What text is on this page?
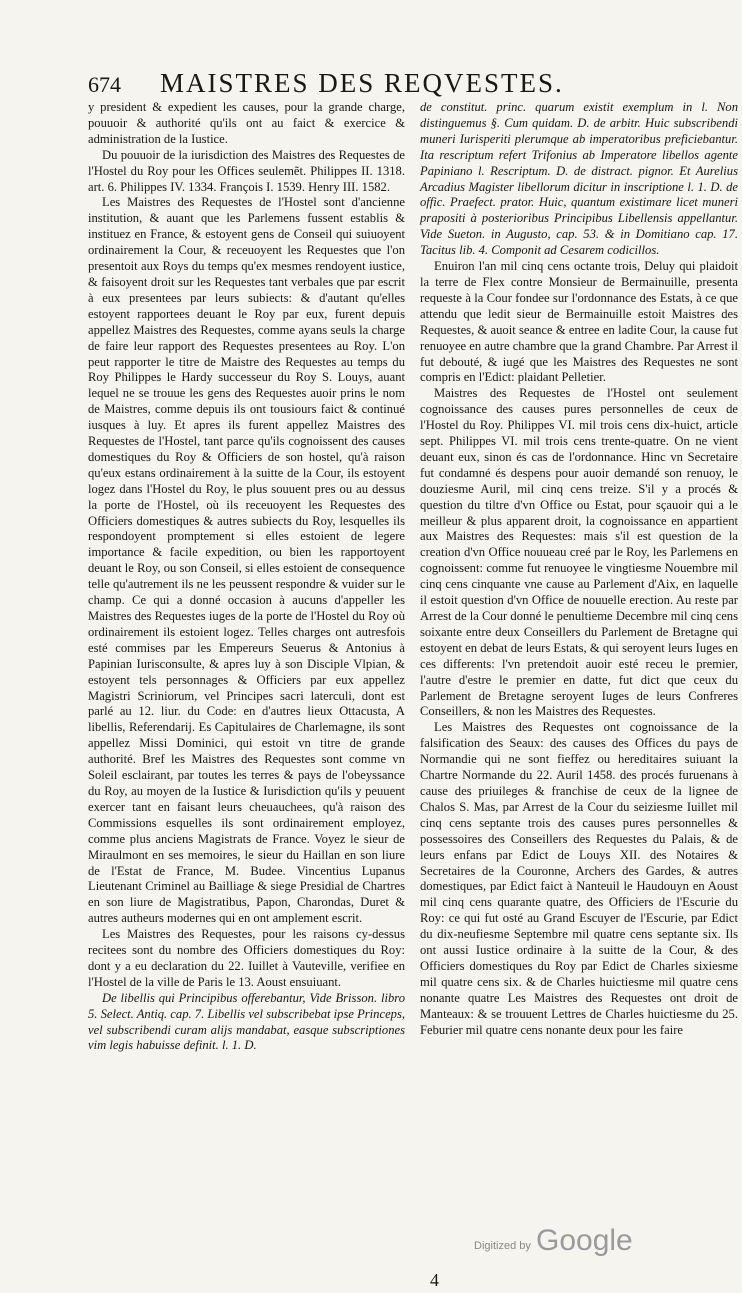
674 MAISTRES DES REQVESTES.

y president & expedient les causes, pour la grande charge, pouuoir & authorité qu'ils ont au faict & exercice & administration de la Iustice.

Du pouuoir de la iurisdiction des Maistres des Requestes de l'Hostel du Roy pour les Offices seulemẽt. Philippes II. 1318. art. 6. Philippes IV. 1334. François I. 1539. Henry III. 1582.

Les Maistres des Requestes de l'Hostel sont d'ancienne institution, & auant que les Parlemens fussent establis & instituez en France, & estoyent gens de Conseil qui suiuoyent ordinairement la Cour, & receuoyent les Requestes que l'on presentoit aux Roys du temps qu'ex mesmes rendoyent iustice, & faisoyent droit sur les Requestes tant verbales que par escrit à eux presentees par leurs subiects: & d'autant qu'elles estoyent rapportees deuant le Roy par eux, furent depuis appellez Maistres des Requestes, comme ayans seuls la charge de faire leur rapport des Requestes presentees au Roy. L'on peut rapporter le titre de Maistre des Requestes au temps du Roy Philippes le Hardy successeur du Roy S. Louys, auant lequel ne se trouue les gens des Requestes auoir prins le nom de Maistres, comme depuis ils ont tousiours faict & continué iusques à luy. Et apres ils furent appellez Maistres des Requestes de l'Hostel, tant parce qu'ils cognoissent des causes domestiques du Roy & Officiers de son hostel, qu'à raison qu'eux estans ordinairement à la suitte de la Cour, ils estoyent logez dans l'Hostel du Roy, le plus souuent pres ou au dessus la porte de l'Hostel, où ils receuoyent les Requestes des Officiers domestiques & autres subiects du Roy, lesquelles ils respondoyent promptement si elles estoient de legere importance & facile expedition, ou bien les rapportoyent deuant le Roy, ou son Conseil, si elles estoient de consequence telle qu'autrement ils ne les peussent respondre & vuider sur le champ. Ce qui a donné occasion à aucuns d'appeller les Maistres des Requestes iuges de la porte de l'Hostel du Roy où ordinairement ils estoient logez. Telles charges ont autresfois esté commises par les Empereurs Seuerus & Antonius à Papinian Iurisconsulte, & apres luy à son Disciple Vlpian, & estoyent tels personnages & Officiers par eux appellez Magistri Scriniorum, vel Principes sacri laterculi, dont est parlé au 12. liur. du Code: en d'autres lieux Ottacusta, A libellis, Referendarij. Es Capitulaires de Charlemagne, ils sont appellez Missi Dominici, qui estoit vn titre de grande authorité. Bref les Maistres des Requestes sont comme vn Soleil esclairant, par toutes les terres & pays de l'obeyssance du Roy, au moyen de la Iustice & Iurisdiction qu'ils y peuuent exercer tant en faisant leurs cheuauchees, qu'à raison des Commissions esquelles ils sont ordinairement employez, comme plus anciens Magistrats de France. Voyez le sieur de Miraulmont en ses memoires, le sieur du Haillan en son liure de l'Estat de France, M. Budee. Vincentius Lupanus Lieutenant Criminel au Bailliage & siege Presidial de Chartres en son liure de Magistratibus, Papon, Charondas, Duret & autres autheurs modernes qui en ont amplement escrit.

Les Maistres des Requestes, pour les raisons cy-dessus recitees sont du nombre des Officiers domestiques du Roy: dont y a eu declaration du 22. Iuillet à Vauteville, verifiee en l'Hostel de la ville de Paris le 13. Aoust ensuiuant.

De libellis qui Principibus offerebantur, Vide Brisson. libro 5. Select. Antiq. cap. 7. Libellis vel subscribebat ipse Princeps, vel subscribendi curam alijs mandabat, easque subscriptiones vim legis habuisse definit. l. 1. D.

de constitut. princ. quarum existit exemplum in l. Non distinguemus §. Cum quidam. D. de arbitr. Huic subscribendi muneri Iurisperiti plerumque ab imperatoribus preficiebantur. Ita rescriptum refert Trifonius ab Imperatore libellos agente Papiniano l. Rescriptum. D. de distract. pignor. Et Aurelius Arcadius Magister libellorum dicitur in inscriptione l. 1. D. de offic. Praefect. prator. Huic, quantum existimare licet muneri prapositi à posterioribus Principibus Libellensis appellantur. Vide Sueton. in Augusto, cap. 53. & in Domitiano cap. 17. Tacitus lib. 4. Componit ad Cesarem codicillos.

Enuiron l'an mil cinq cens octante trois, Deluy qui plaidoit la terre de Flex contre Monsieur de Bermainuille, presenta requeste à la Cour fondee sur l'ordonnance des Estats, à ce que attendu que ledit sieur de Bermainuille estoit Maistres des Requestes, & auoit seance & entree en ladite Cour, la cause fut renuoyee en autre chambre que la grand Chambre. Par Arrest il fut debouté, & iugé que les Maistres des Requestes ne sont compris en l'Edict: plaidant Pelletier.

Maistres des Requestes de l'Hostel ont seulement cognoissance des causes pures personnelles de ceux de l'Hostel du Roy. Philippes VI. mil trois cens dix-huict, article sept. Philippes VI. mil trois cens trente-quatre. On ne vient deuant eux, sinon és cas de l'ordonnance. Hinc vn Secretaire fut condamné és despens pour auoir demandé son renuoy, le douziesme Auril, mil cinq cens treize. S'il y a procés & question du tiltre d'vn Office ou Estat, pour sçauoir qui a le meilleur & plus apparent droit, la cognoissance en appartient aux Maistres des Requestes: mais s'il est question de la creation d'vn Office nouueau creé par le Roy, les Parlemens en cognoissent: comme fut renuoyee le vingtiesme Nouembre mil cinq cens cinquante vne cause au Parlement d'Aix, en laquelle il estoit question d'vn Office de nouuelle erection. Au reste par Arrest de la Cour donné le penultieme Decembre mil cinq cens soixante entre deux Conseillers du Parlement de Bretagne qui estoyent en debat de leurs Estats, & qui seroyent leurs Iuges en ces differents: l'vn pretendoit auoir esté receu le premier, l'autre d'estre le premier en datte, fut dict que ceux du Parlement de Bretagne seroyent Iuges de leurs Confreres Conseillers, & non les Maistres des Requestes.

Les Maistres des Requestes ont cognoissance de la falsification des Seaux: des causes des Offices du pays de Normandie qui ne sont fieffez ou hereditaires suiuant la Chartre Normande du 22. Auril 1458. des procés furuenans à cause des priuileges & franchise de ceux de la lignee de Chalos S. Mas, par Arrest de la Cour du seiziesme Iuillet mil cinq cens septante trois des causes pures personnelles & possessoires des Conseillers des Requestes du Palais, & de leurs enfans par Edict de Louys XII. des Notaires & Secretaires de la Couronne, Archers des Gardes, & autres domestiques, par Edict faict à Nanteuil le Haudouyn en Aoust mil cinq cens quarante quatre, des Officiers de l'Escurie du Roy: ce qui fut osté au Grand Escuyer de l'Escurie, par Edict du dix-neufiesme Septembre mil quatre cens septante six. Ils ont aussi Iustice ordinaire à la suitte de la Cour, & des Officiers domestiques du Roy par Edict de Charles sixiesme mil quatre cens six. & de Charles huictiesme mil quatre cens nonante quatre Les Maistres des Requestes ont droit de Manteaux: & se trouuent Lettres de Charles huictiesme du 25. Feburier mil quatre cens nonante deux pour les faire

Digitized by Google
4
